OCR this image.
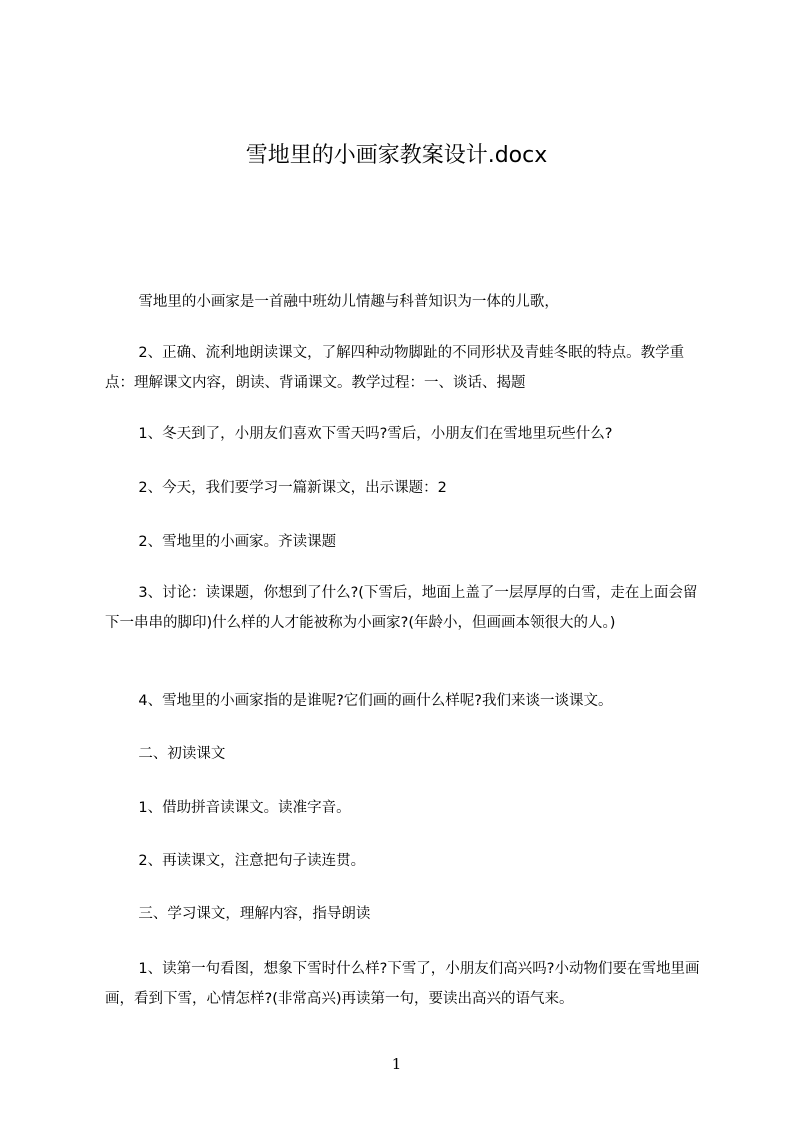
雪地里的小画家教案设计.docx

雪地里的小画家是一首融中班幼儿情趣与科普知识为一体的儿歌，

2、正确、流利地朗读课文，了解四种动物脚趾的不同形状及青蛙冬眠的特点。教学重点：理解课文内容，朗读、背诵课文。教学过程：一、谈话、揭题

1、冬天到了，小朋友们喜欢下雪天吗?雪后，小朋友们在雪地里玩些什么?

2、今天，我们要学习一篇新课文，出示课题：2

2、雪地里的小画家。齐读课题

3、讨论：读课题，你想到了什么?(下雪后，地面上盖了一层厚厚的白雪，走在上面会留下一串串的脚印)什么样的人才能被称为小画家?(年龄小，但画画本领很大的人。)

4、雪地里的小画家指的是谁呢?它们画的画什么样呢?我们来谈一谈课文。

二、初读课文

1、借助拼音读课文。读准字音。

2、再读课文，注意把句子读连贯。

三、学习课文，理解内容，指导朗读

1、读第一句看图，想象下雪时什么样?下雪了，小朋友们高兴吗?小动物们要在雪地里画画，看到下雪，心情怎样?(非常高兴)再读第一句，要读出高兴的语气来。

1
